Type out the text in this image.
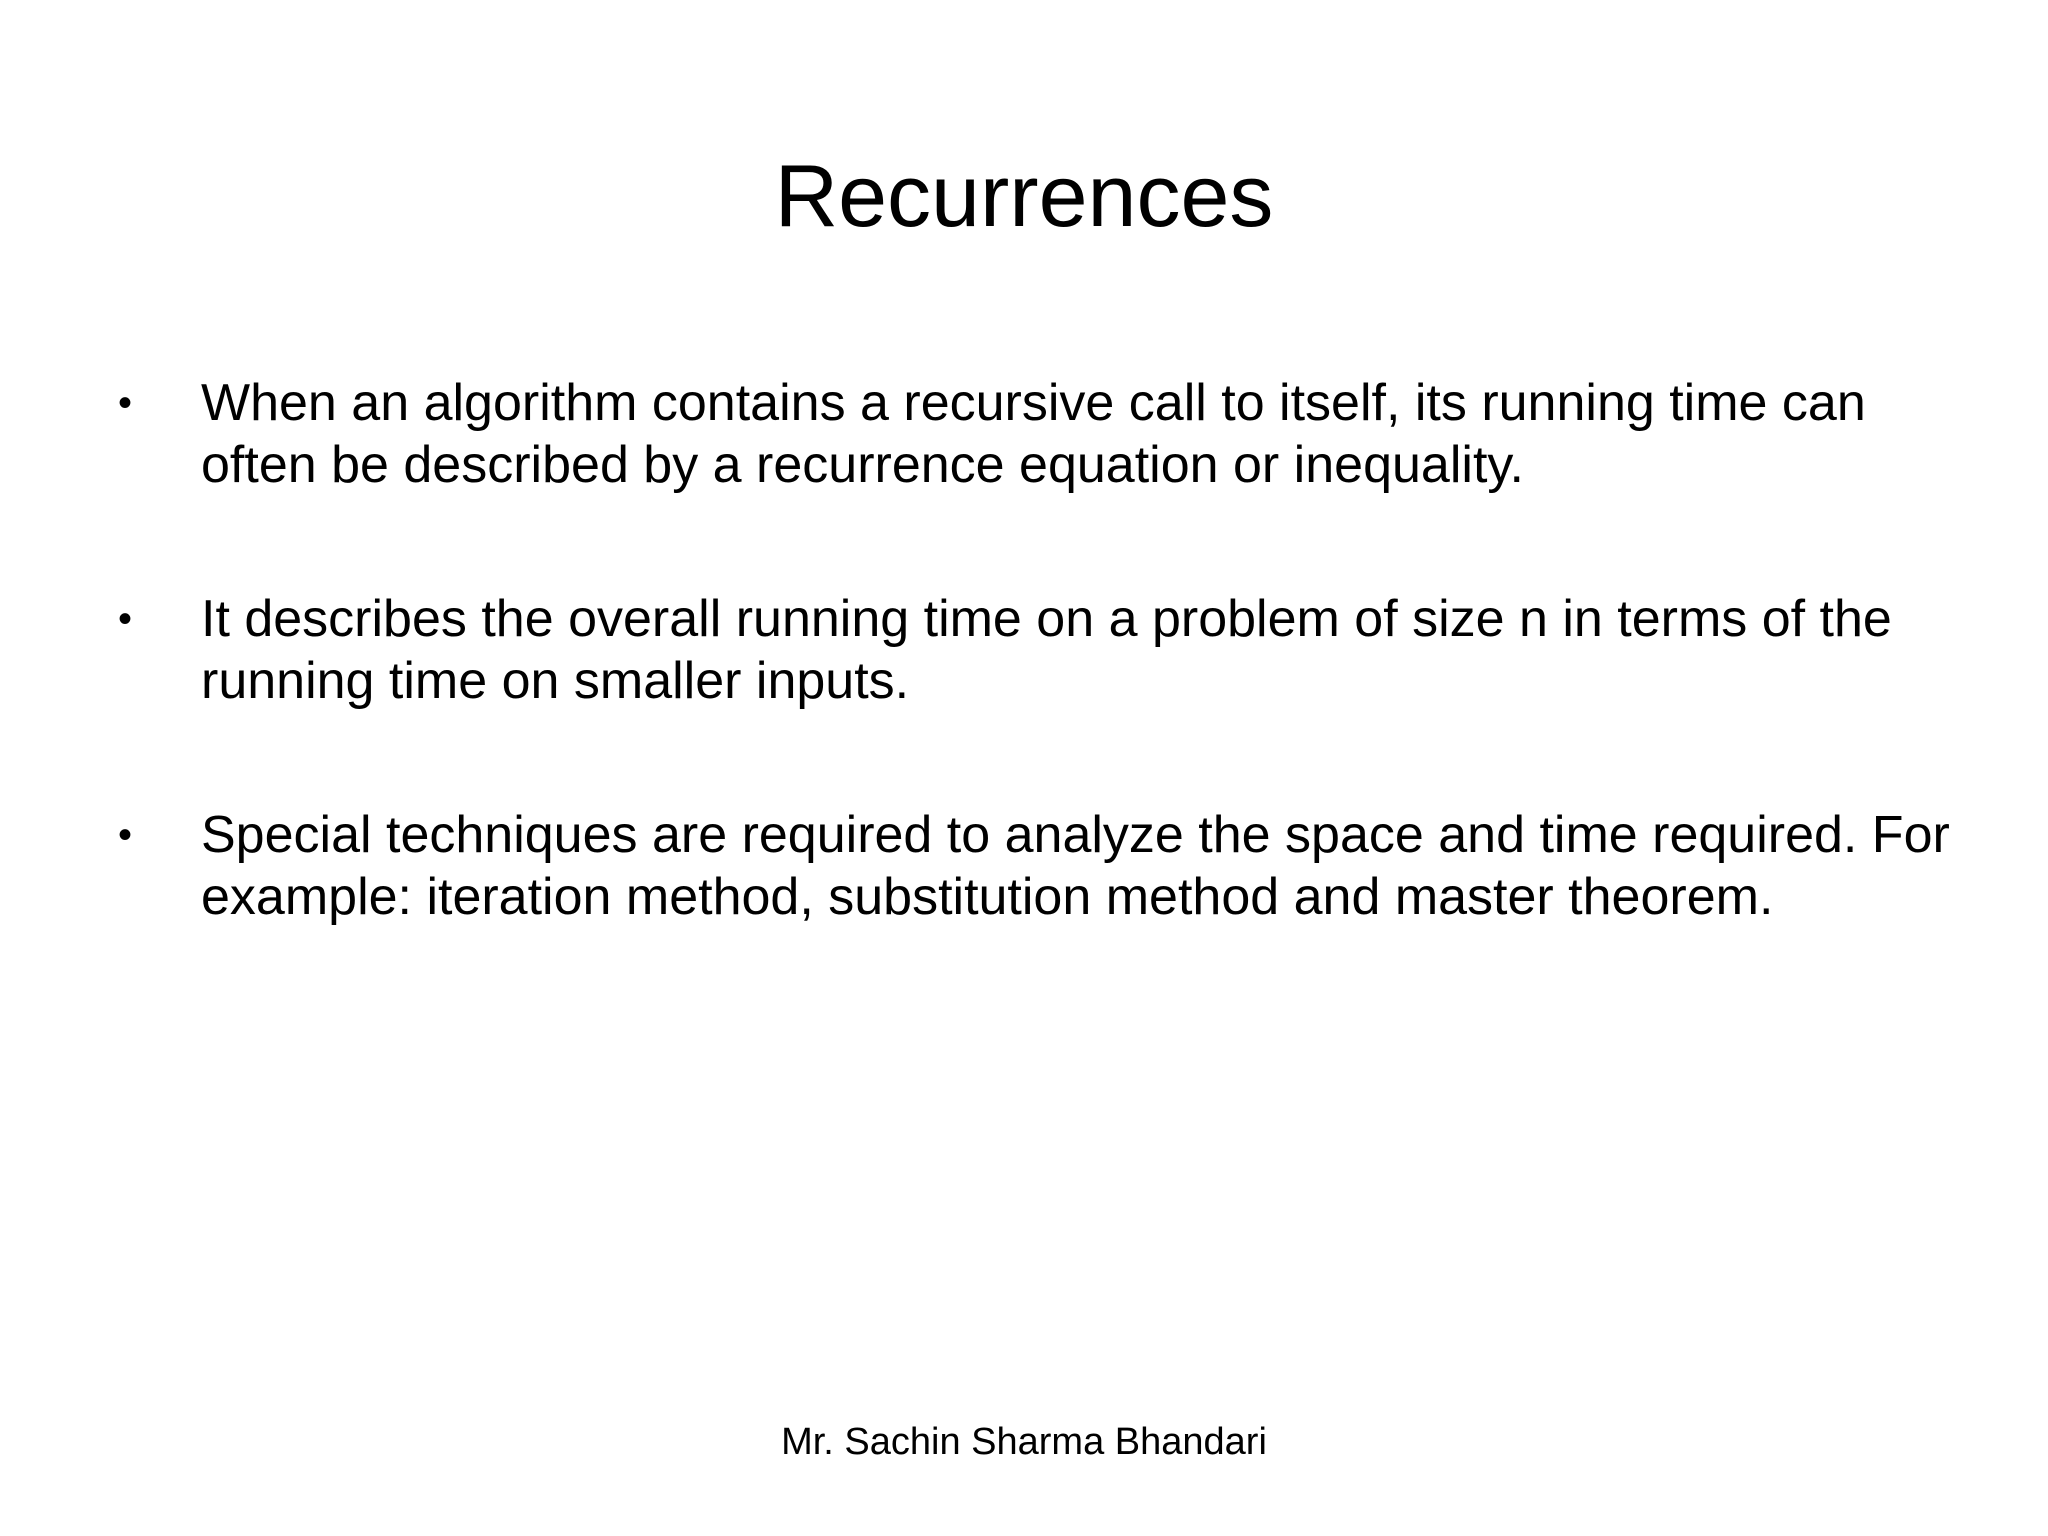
Recurrences
• When an algorithm contains a recursive call to itself, its running time can often be described by a recurrence equation or inequality.
• It describes the overall running time on a problem of size n in terms of the running time on smaller inputs.
• Special techniques are required to analyze the space and time required. For example: iteration method, substitution method and master theorem.
Mr. Sachin Sharma Bhandari
